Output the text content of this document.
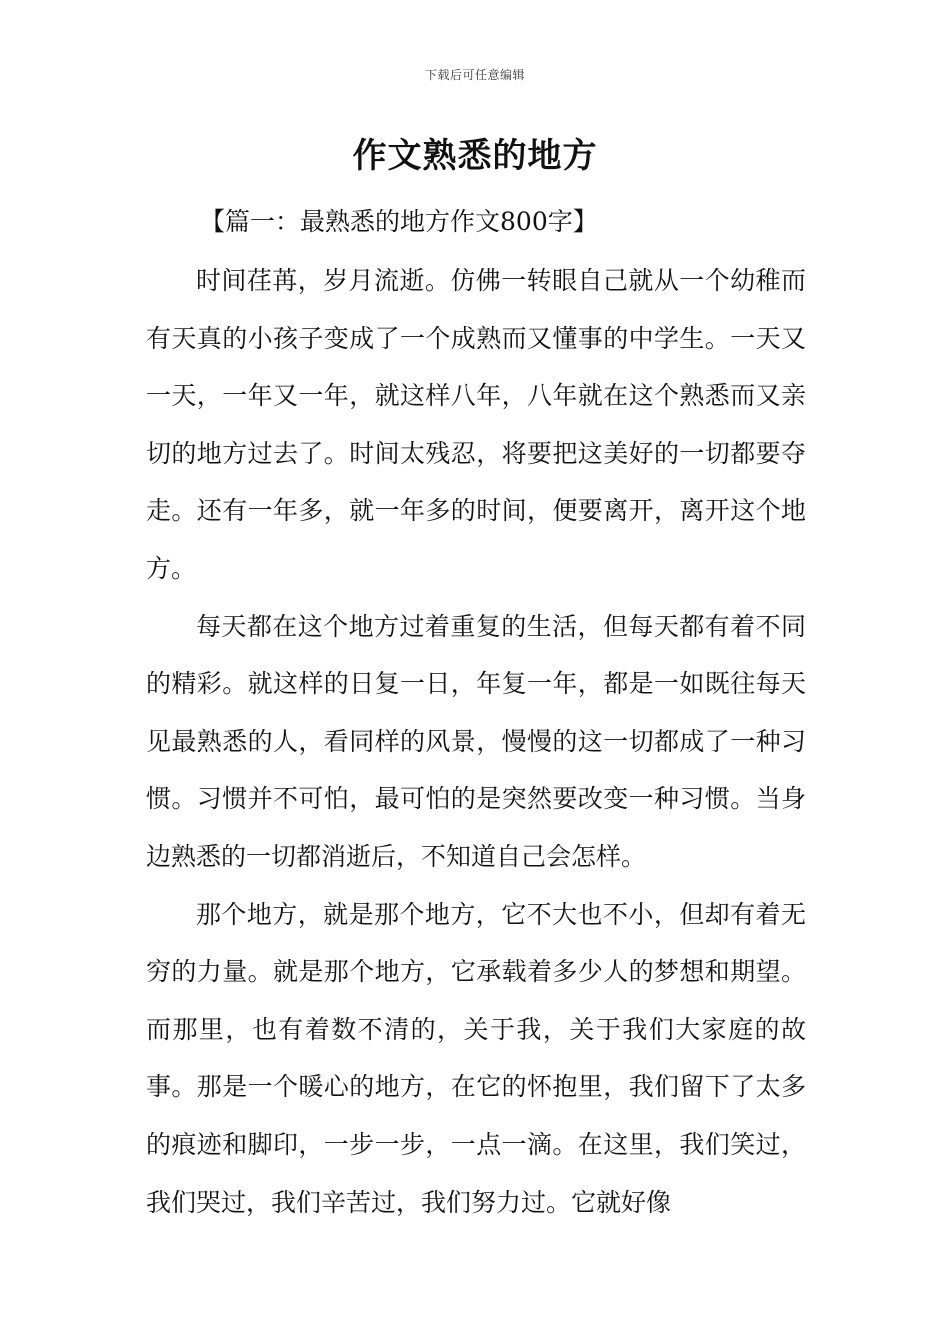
下载后可任意编辑
作文熟悉的地方
【篇一：最熟悉的地方作文800字】

时间荏苒，岁月流逝。仿佛一转眼自己就从一个幼稚而有天真的小孩子变成了一个成熟而又懂事的中学生。一天又一天，一年又一年，就这样八年，八年就在这个熟悉而又亲切的地方过去了。时间太残忍，将要把这美好的一切都要夺走。还有一年多，就一年多的时间，便要离开，离开这个地方。

每天都在这个地方过着重复的生活，但每天都有着不同的精彩。就这样的日复一日，年复一年，都是一如既往每天见最熟悉的人，看同样的风景，慢慢的这一切都成了一种习惯。习惯并不可怕，最可怕的是突然要改变一种习惯。当身边熟悉的一切都消逝后，不知道自己会怎样。

那个地方，就是那个地方，它不大也不小，但却有着无穷的力量。就是那个地方，它承载着多少人的梦想和期望。而那里，也有着数不清的，关于我，关于我们大家庭的故事。那是一个暖心的地方，在它的怀抱里，我们留下了太多的痕迹和脚印，一步一步，一点一滴。在这里，我们笑过，我们哭过，我们辛苦过，我们努力过。它就好像
